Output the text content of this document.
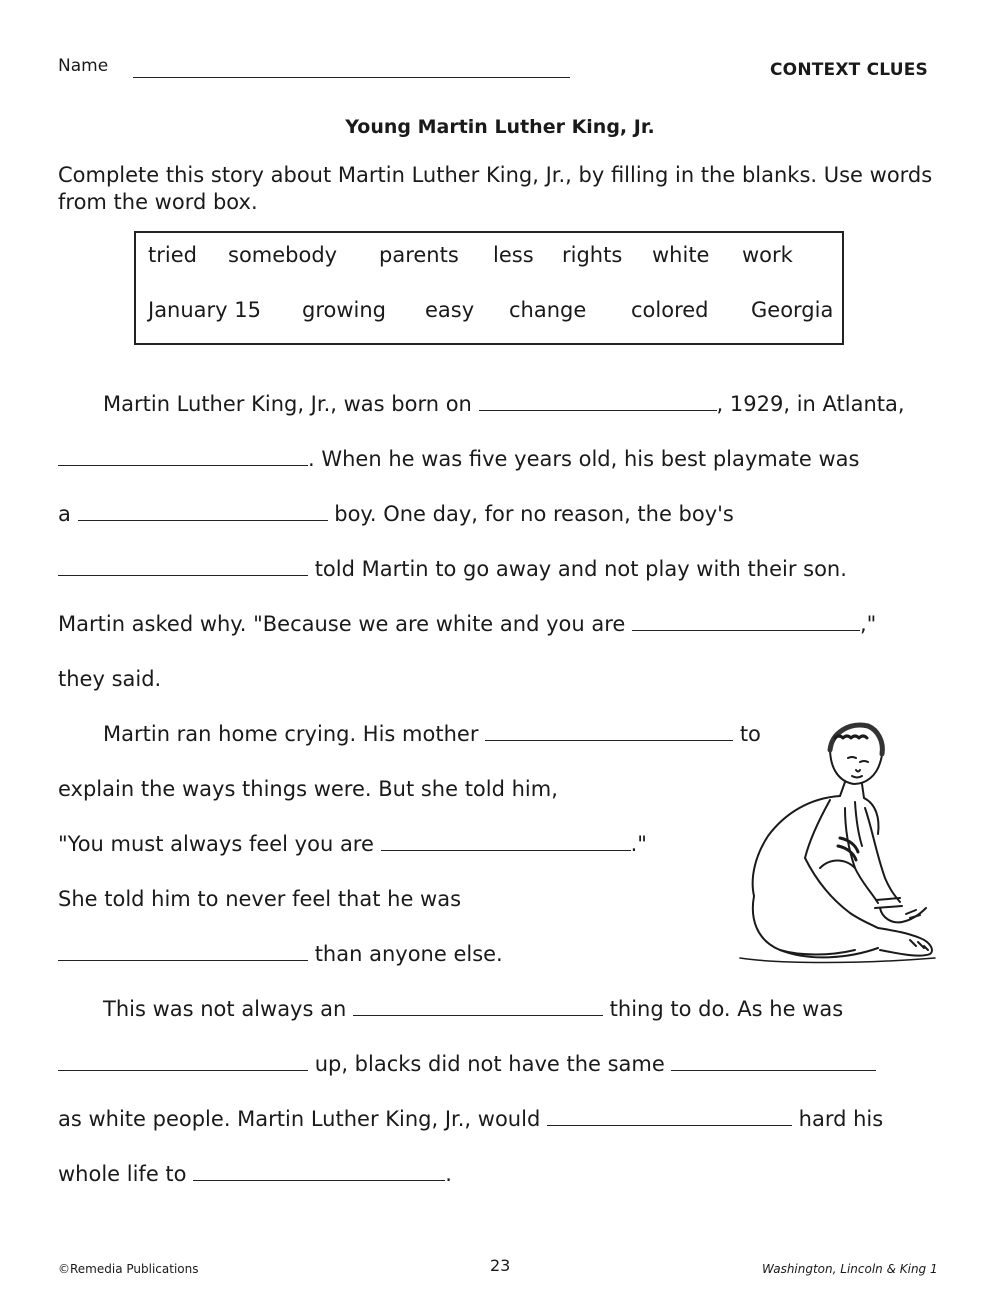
Name	CONTEXT CLUES
Young Martin Luther King, Jr.
Complete this story about Martin Luther King, Jr., by filling in the blanks. Use words from the word box.
tried somebody parents less rights white work
January 15 growing easy change colored Georgia
Martin Luther King, Jr., was born on	, 1929, in Atlanta,
. When he was five years old, his best playmate was
a	boy. One day, for no reason, the boy's
told Martin to go away and not play with their son.
Martin asked why. "Because we are white and you are	,"
they said.
Martin ran home crying. His mother	to
explain the ways things were. But she told him,
"You must always feel you are	."
She told him to never feel that he was
than anyone else.
This was not always an	thing to do. As he was
up, blacks did not have the same
as white people. Martin Luther King, Jr., would	hard his
whole life to	.
©Remedia Publications	23	Washington, Lincoln & King 1
